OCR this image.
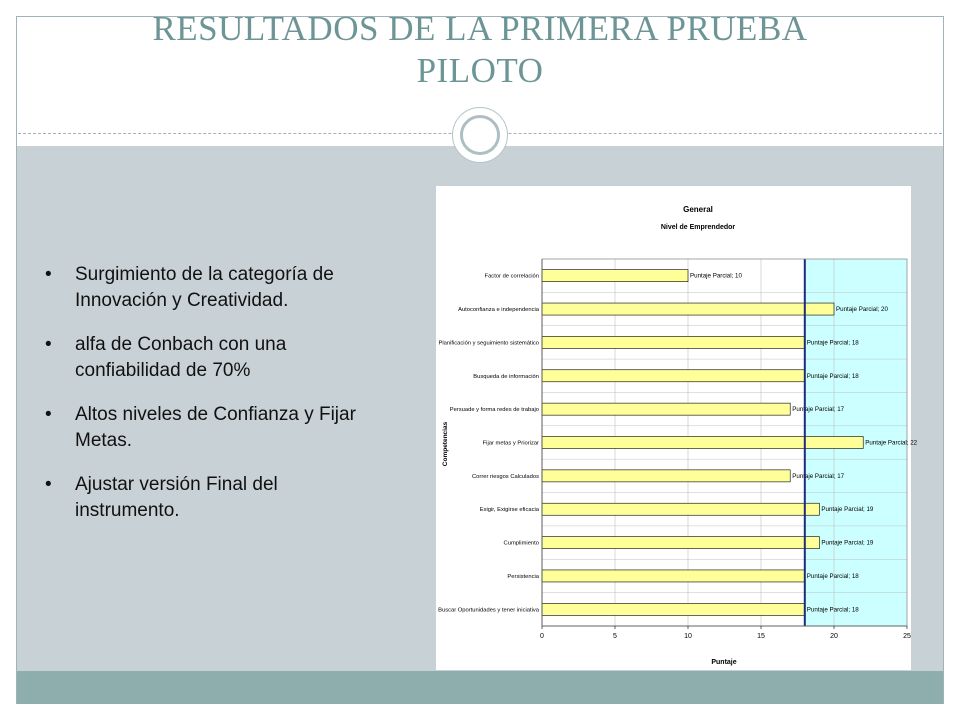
RESULTADOS DE LA PRIMERA PRUEBA
PILOTO
• Surgimiento de la categoría de Innovación y Creatividad.
• alfa de Conbach con una confiabilidad de 70%
• Altos niveles de Confianza y Fijar Metas.
• Ajustar versión Final del instrumento.
Puntaje Parcial; 10
Factor de correlación
Puntaje Parcial; 20
Autoconfianza e independencia
Puntaje Parcial; 18
Planificación y seguimiento sistemático
Puntaje Parcial; 18
Busqueda de información
Puntaje Parcial; 17
Persuade y forma redes de trabajo
Puntaje Parcial; 22
Fijar metas y Priorizar
Puntaje Parcial; 17
Correr riesgos Calculados
Puntaje Parcial; 19
Exigir, Exigirse eficacia
Puntaje Parcial; 19
Cumplimiento
Puntaje Parcial; 18
Persistencia
Puntaje Parcial; 18
Buscar Oportunidades y tener iniciativa
0	5	10	15	20	25
General
Nivel de Emprendedor
Puntaje
Competencias
